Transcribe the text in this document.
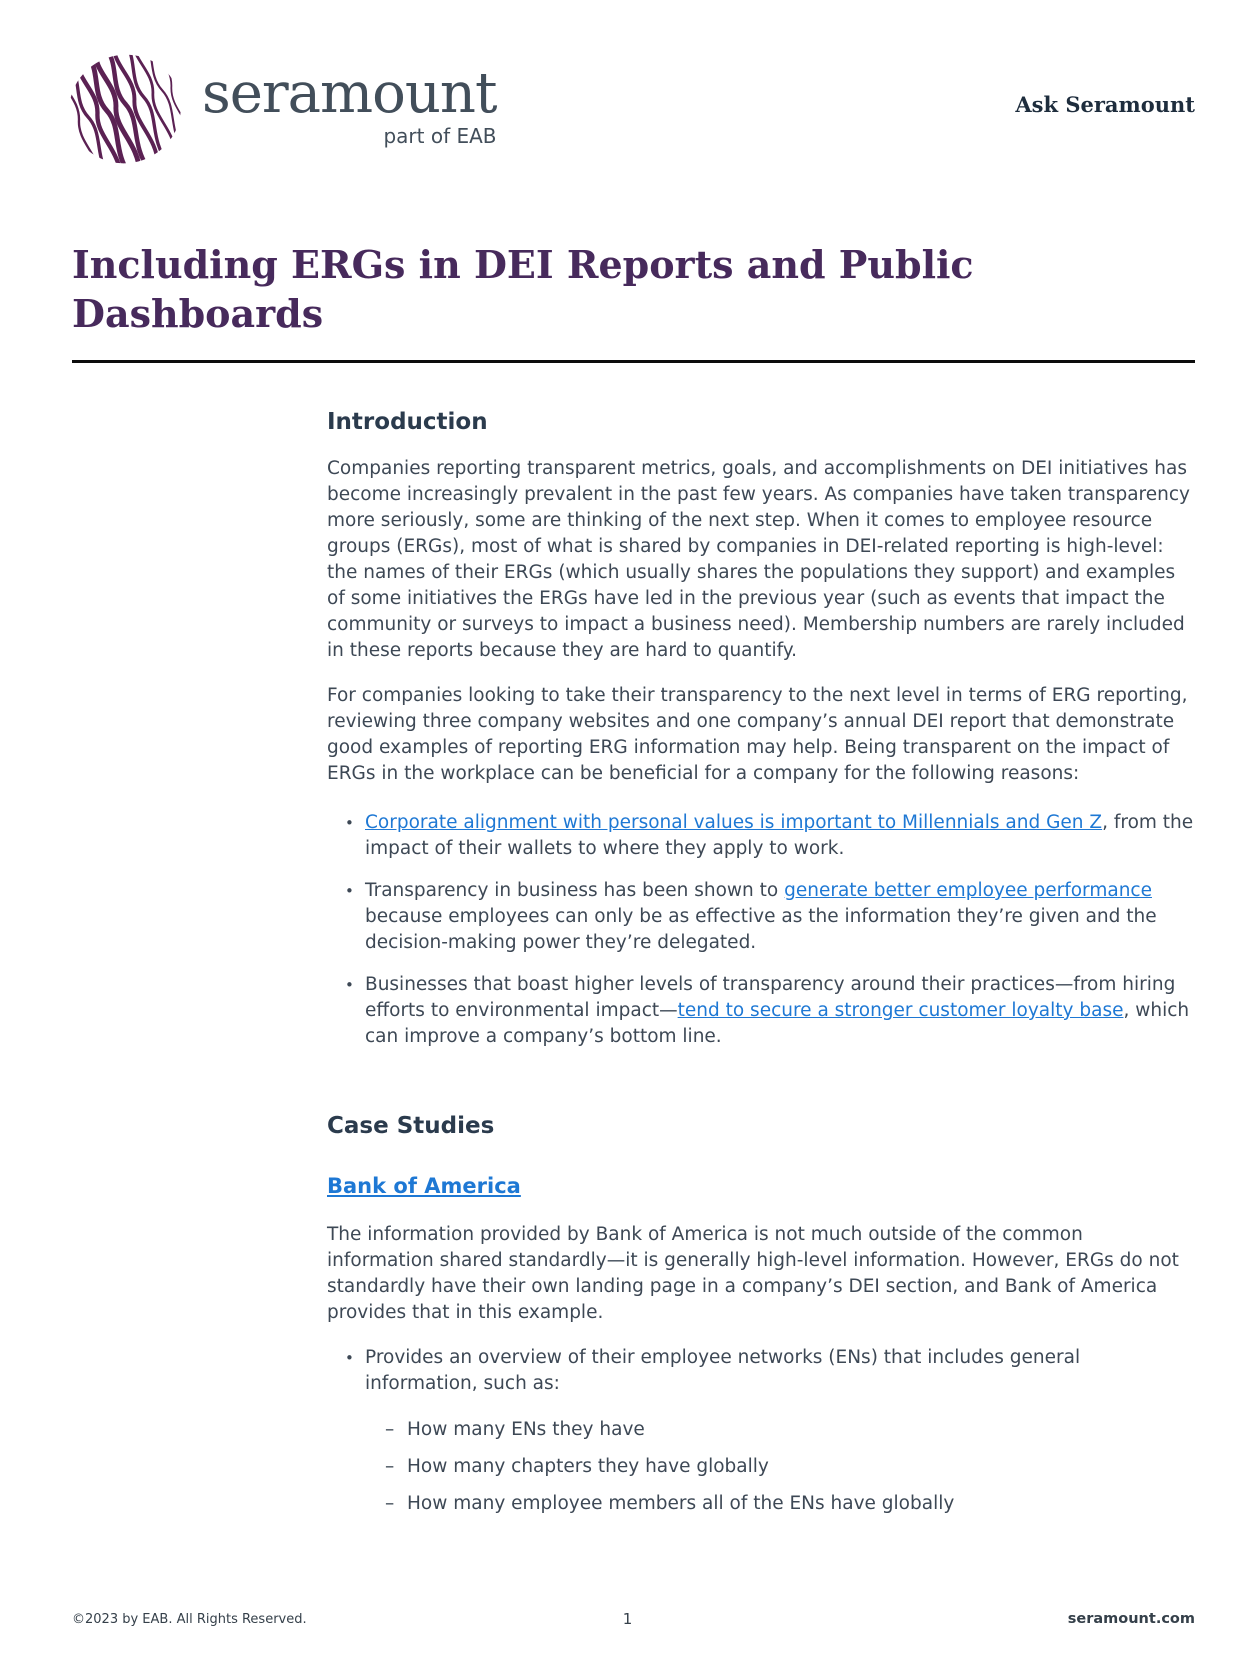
seramount
part of EAB
Ask Seramount
Including ERGs in DEI Reports and Public
Dashboards
Introduction

Companies reporting transparent metrics, goals, and accomplishments on DEI initiatives has become increasingly prevalent in the past few years. As companies have taken transparency more seriously, some are thinking of the next step. When it comes to employee resource groups (ERGs), most of what is shared by companies in DEI-related reporting is high-level: the names of their ERGs (which usually shares the populations they support) and examples of some initiatives the ERGs have led in the previous year (such as events that impact the community or surveys to impact a business need). Membership numbers are rarely included in these reports because they are hard to quantify.

For companies looking to take their transparency to the next level in terms of ERG reporting, reviewing three company websites and one company’s annual DEI report that demonstrate good examples of reporting ERG information may help. Being transparent on the impact of ERGs in the workplace can be beneficial for a company for the following reasons:

• Corporate alignment with personal values is important to Millennials and Gen Z, from the impact of their wallets to where they apply to work.
• Transparency in business has been shown to generate better employee performance because employees can only be as effective as the information they’re given and the decision-making power they’re delegated.
• Businesses that boast higher levels of transparency around their practices—from hiring efforts to environmental impact—tend to secure a stronger customer loyalty base, which can improve a company’s bottom line.
Case Studies
Bank of America

The information provided by Bank of America is not much outside of the common information shared standardly—it is generally high-level information. However, ERGs do not standardly have their own landing page in a company’s DEI section, and Bank of America provides that in this example.

• Provides an overview of their employee networks (ENs) that includes general information, such as:
– How many ENs they have
– How many chapters they have globally
– How many employee members all of the ENs have globally
©2023 by EAB. All Rights Reserved.	1	seramount.com
